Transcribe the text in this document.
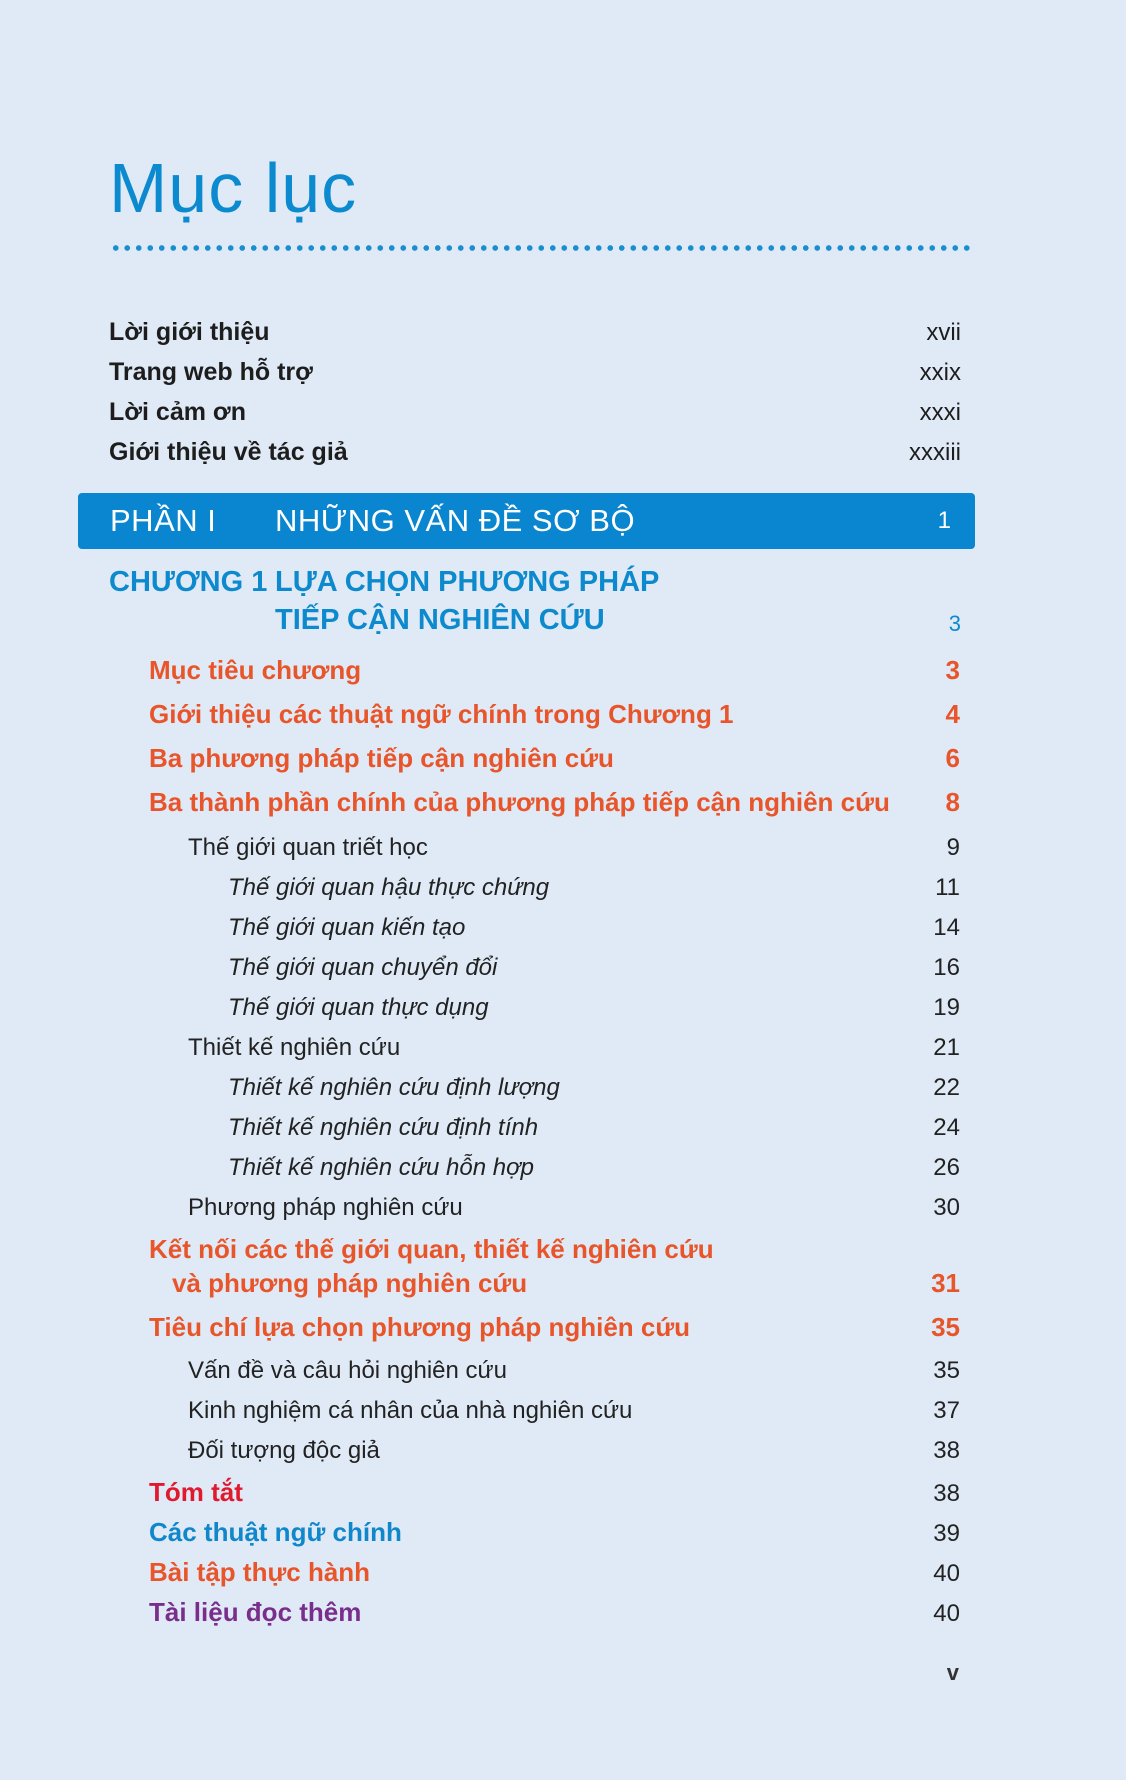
Mục lục
Lời giới thiệu	xvii
Trang web hỗ trợ	xxix
Lời cảm ơn	xxxi
Giới thiệu về tác giả	xxxiii
PHẦN I NHỮNG VẤN ĐỀ SƠ BỘ	1
CHƯƠNG 1 LỰA CHỌN PHƯƠNG PHÁP
TIẾP CẬN NGHIÊN CỨU	3
Mục tiêu chương	3
Giới thiệu các thuật ngữ chính trong Chương 1	4
Ba phương pháp tiếp cận nghiên cứu	6
Ba thành phần chính của phương pháp tiếp cận nghiên cứu	8
Thế giới quan triết học	9
Thế giới quan hậu thực chứng	11
Thế giới quan kiến tạo	14
Thế giới quan chuyển đổi	16
Thế giới quan thực dụng	19
Thiết kế nghiên cứu	21
Thiết kế nghiên cứu định lượng	22
Thiết kế nghiên cứu định tính	24
Thiết kế nghiên cứu hỗn hợp	26
Phương pháp nghiên cứu	30
Kết nối các thế giới quan, thiết kế nghiên cứu
và phương pháp nghiên cứu	31
Tiêu chí lựa chọn phương pháp nghiên cứu	35
Vấn đề và câu hỏi nghiên cứu	35
Kinh nghiệm cá nhân của nhà nghiên cứu	37
Đối tượng độc giả	38
Tóm tắt	38
Các thuật ngữ chính	39
Bài tập thực hành	40
Tài liệu đọc thêm	40
v
